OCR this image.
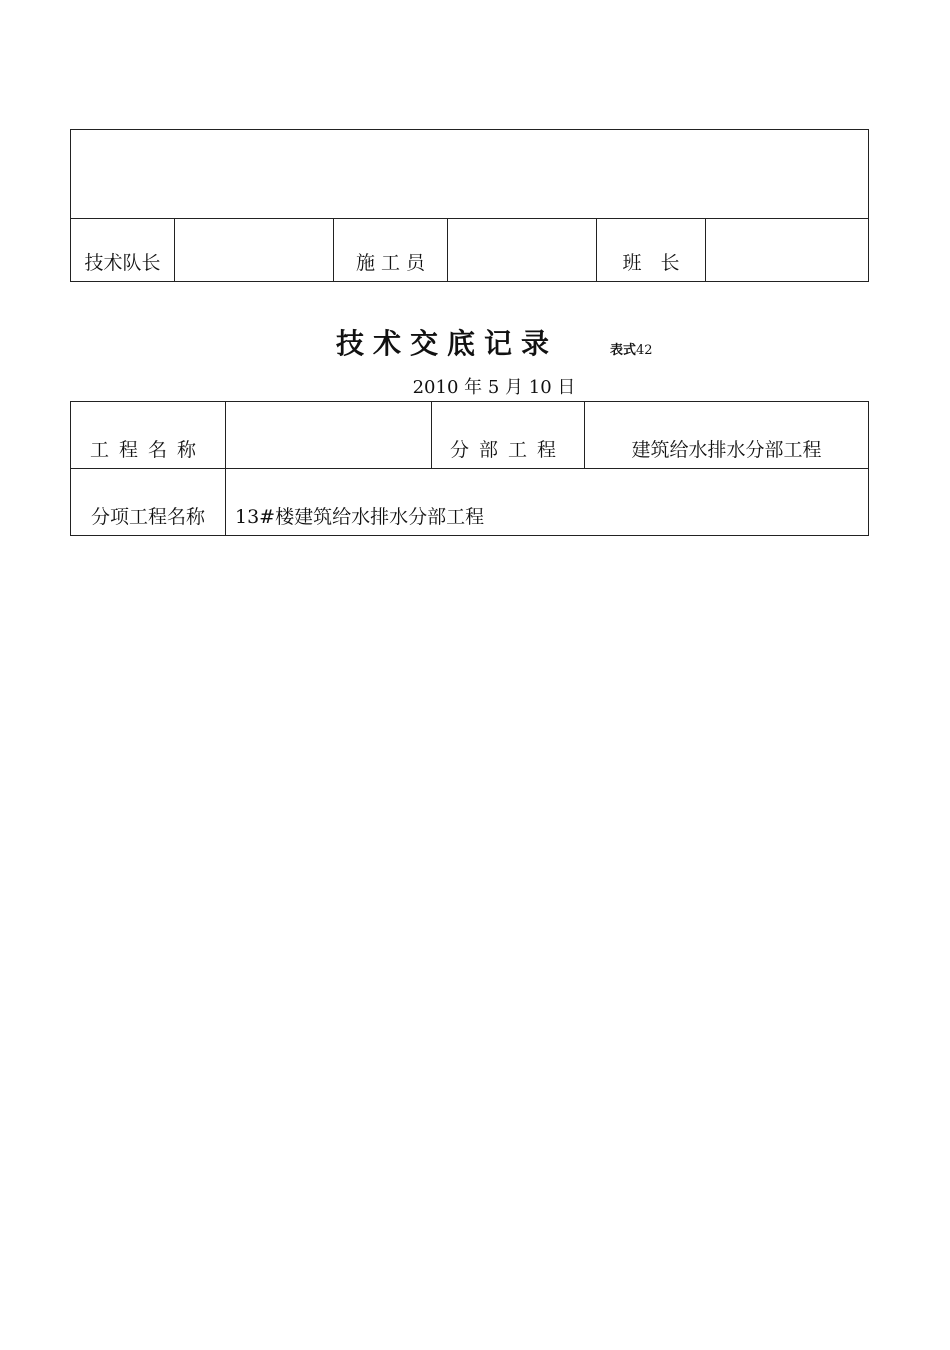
技术队长		施 工 员		班　长	
技术交底记录	表式42
2010 年 5 月 10 日
工程名称		分部工程	建筑给水排水分部工程
分项工程名称	13#楼建筑给水排水分部工程		
